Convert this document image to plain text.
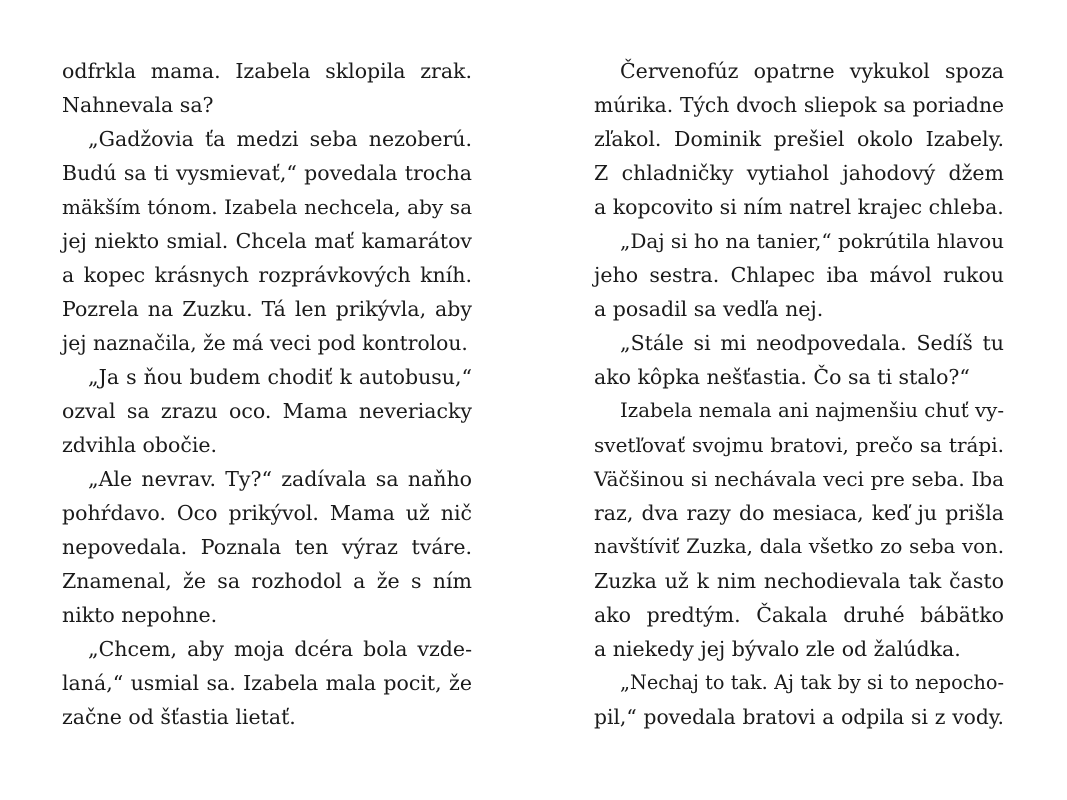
odfrkla mama. Izabela sklopila zrak.
Nahnevala sa?
„Gadžovia ťa medzi seba nezoberú.
Budú sa ti vysmievať,“ povedala trocha
mäkším tónom. Izabela nechcela, aby sa
jej niekto smial. Chcela mať kamarátov
a kopec krásnych rozprávkových kníh.
Pozrela na Zuzku. Tá len prikývla, aby
jej naznačila, že má veci pod kontrolou.
„Ja s ňou budem chodiť k autobusu,“
ozval sa zrazu oco. Mama neveriacky
zdvihla obočie.
„Ale nevrav. Ty?“ zadívala sa naňho
pohŕdavo. Oco prikývol. Mama už nič
nepovedala. Poznala ten výraz tváre.
Znamenal, že sa rozhodol a že s ním
nikto nepohne.
„Chcem, aby moja dcéra bola vzde-
laná,“ usmial sa. Izabela mala pocit, že
začne od šťastia lietať.
Červenofúz opatrne vykukol spoza
múrika. Tých dvoch sliepok sa poriadne
zľakol. Dominik prešiel okolo Izabely.
Z chladničky vytiahol jahodový džem
a kopcovito si ním natrel krajec chleba.
„Daj si ho na tanier,“ pokrútila hlavou
jeho sestra. Chlapec iba mávol rukou
a posadil sa vedľa nej.
„Stále si mi neodpovedala. Sedíš tu
ako kôpka nešťastia. Čo sa ti stalo?“
Izabela nemala ani najmenšiu chuť vy-
svetľovať svojmu bratovi, prečo sa trápi.
Väčšinou si nechávala veci pre seba. Iba
raz, dva razy do mesiaca, keď ju prišla
navštíviť Zuzka, dala všetko zo seba von.
Zuzka už k nim nechodievala tak často
ako predtým. Čakala druhé bábätko
a niekedy jej bývalo zle od žalúdka.
„Nechaj to tak. Aj tak by si to nepocho-
pil,“ povedala bratovi a odpila si z vody.
